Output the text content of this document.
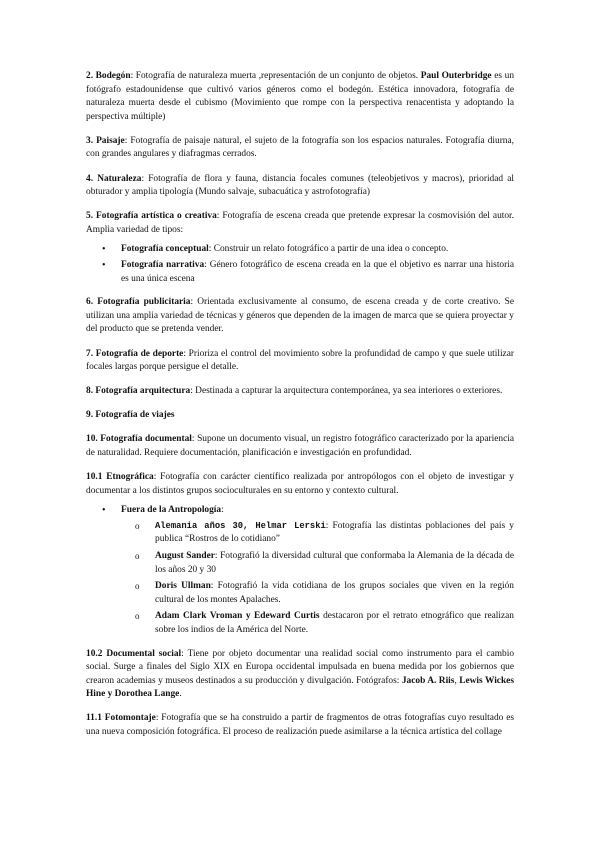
2. Bodegón: Fotografía de naturaleza muerta ,representación de un conjunto de objetos. Paul Outerbridge es un fotógrafo estadounidense que cultivó varios géneros como el bodegón. Estética innovadora, fotografía de naturaleza muerta desde el cubismo (Movimiento que rompe con la perspectiva renacentista y adoptando la perspectiva múltiple)

3. Paisaje: Fotografía de paisaje natural, el sujeto de la fotografía son los espacios naturales. Fotografía diurna, con grandes angulares y diafragmas cerrados.

4. Naturaleza: Fotografía de flora y fauna, distancia focales comunes (teleobjetivos y macros), prioridad al obturador y amplia tipología (Mundo salvaje, subacuática y astrofotografía)

5. Fotografía artística o creativa: Fotografía de escena creada que pretende expresar la cosmovisión del autor. Amplia variedad de tipos:

• Fotografía conceptual: Construir un relato fotográfico a partir de una idea o concepto.
• Fotografía narrativa: Género fotográfico de escena creada en la que el objetivo es narrar una historia es una única escena

6. Fotografía publicitaria: Orientada exclusivamente al consumo, de escena creada y de corte creativo. Se utilizan una amplia variedad de técnicas y géneros que dependen de la imagen de marca que se quiera proyectar y del producto que se pretenda vender.

7. Fotografía de deporte: Prioriza el control del movimiento sobre la profundidad de campo y que suele utilizar focales largas porque persigue el detalle.

8. Fotografía arquitectura: Destinada a capturar la arquitectura contemporánea, ya sea interiores o exteriores.

9. Fotografía de viajes

10. Fotografía documental: Supone un documento visual, un registro fotográfico caracterizado por la apariencia de naturalidad. Requiere documentación, planificación e investigación en profundidad.

10.1 Etnográfica: Fotografía con carácter científico realizada por antropólogos con el objeto de investigar y documentar a los distintos grupos socioculturales en su entorno y contexto cultural.

• Fuera de la Antropología:
o Alemania años 30, Helmar Lerski: Fotografía las distintas poblaciones del país y publica “Rostros de lo cotidiano”
o August Sander: Fotografió la diversidad cultural que conformaba la Alemania de la década de los años 20 y 30
o Doris Ullman: Fotografió la vida cotidiana de los grupos sociales que viven en la región cultural de los montes Apalaches.
o Adam Clark Vroman y Edeward Curtis destacaron por el retrato etnográfico que realizan sobre los indios de la América del Norte.

10.2 Documental social: Tiene por objeto documentar una realidad social como instrumento para el cambio social. Surge a finales del Siglo XIX en Europa occidental impulsada en buena medida por los gobiernos que crearon academias y museos destinados a su producción y divulgación. Fotógrafos: Jacob A. Riis, Lewis Wickes Hine y Dorothea Lange.

11.1 Fotomontaje: Fotografía que se ha construido a partir de fragmentos de otras fotografías cuyo resultado es una nueva composición fotográfica. El proceso de realización puede asimilarse a la técnica artística del collage
